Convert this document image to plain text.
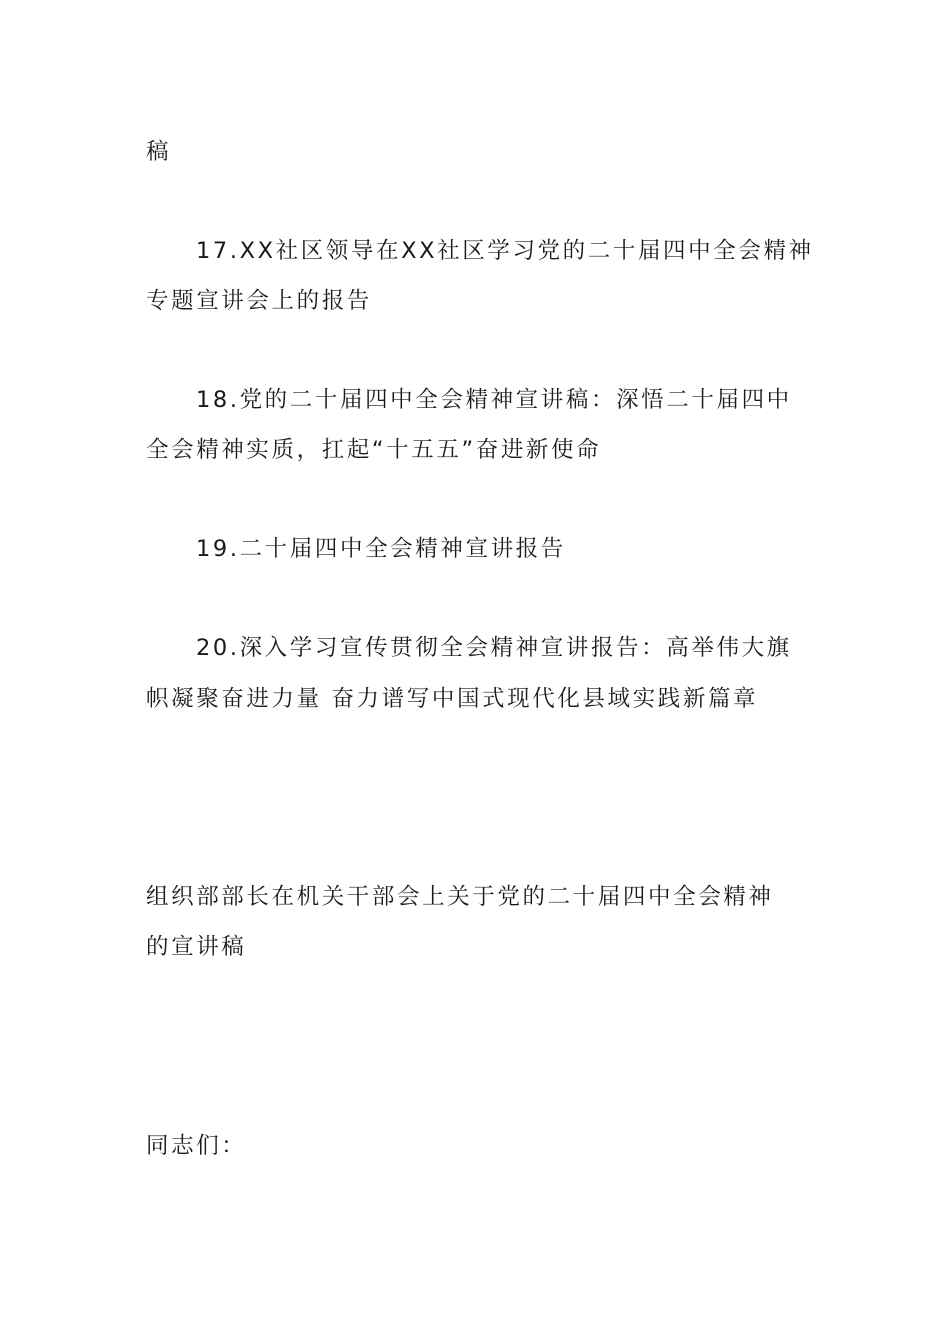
稿
17.XX社区领导在XX社区学习党的二十届四中全会精神
专题宣讲会上的报告
18.党的二十届四中全会精神宣讲稿：深悟二十届四中
全会精神实质，扛起“十五五”奋进新使命
19.二十届四中全会精神宣讲报告
20.深入学习宣传贯彻全会精神宣讲报告：高举伟大旗
帜凝聚奋进力量 奋力谱写中国式现代化县域实践新篇章
组织部部长在机关干部会上关于党的二十届四中全会精神
的宣讲稿
同志们：
